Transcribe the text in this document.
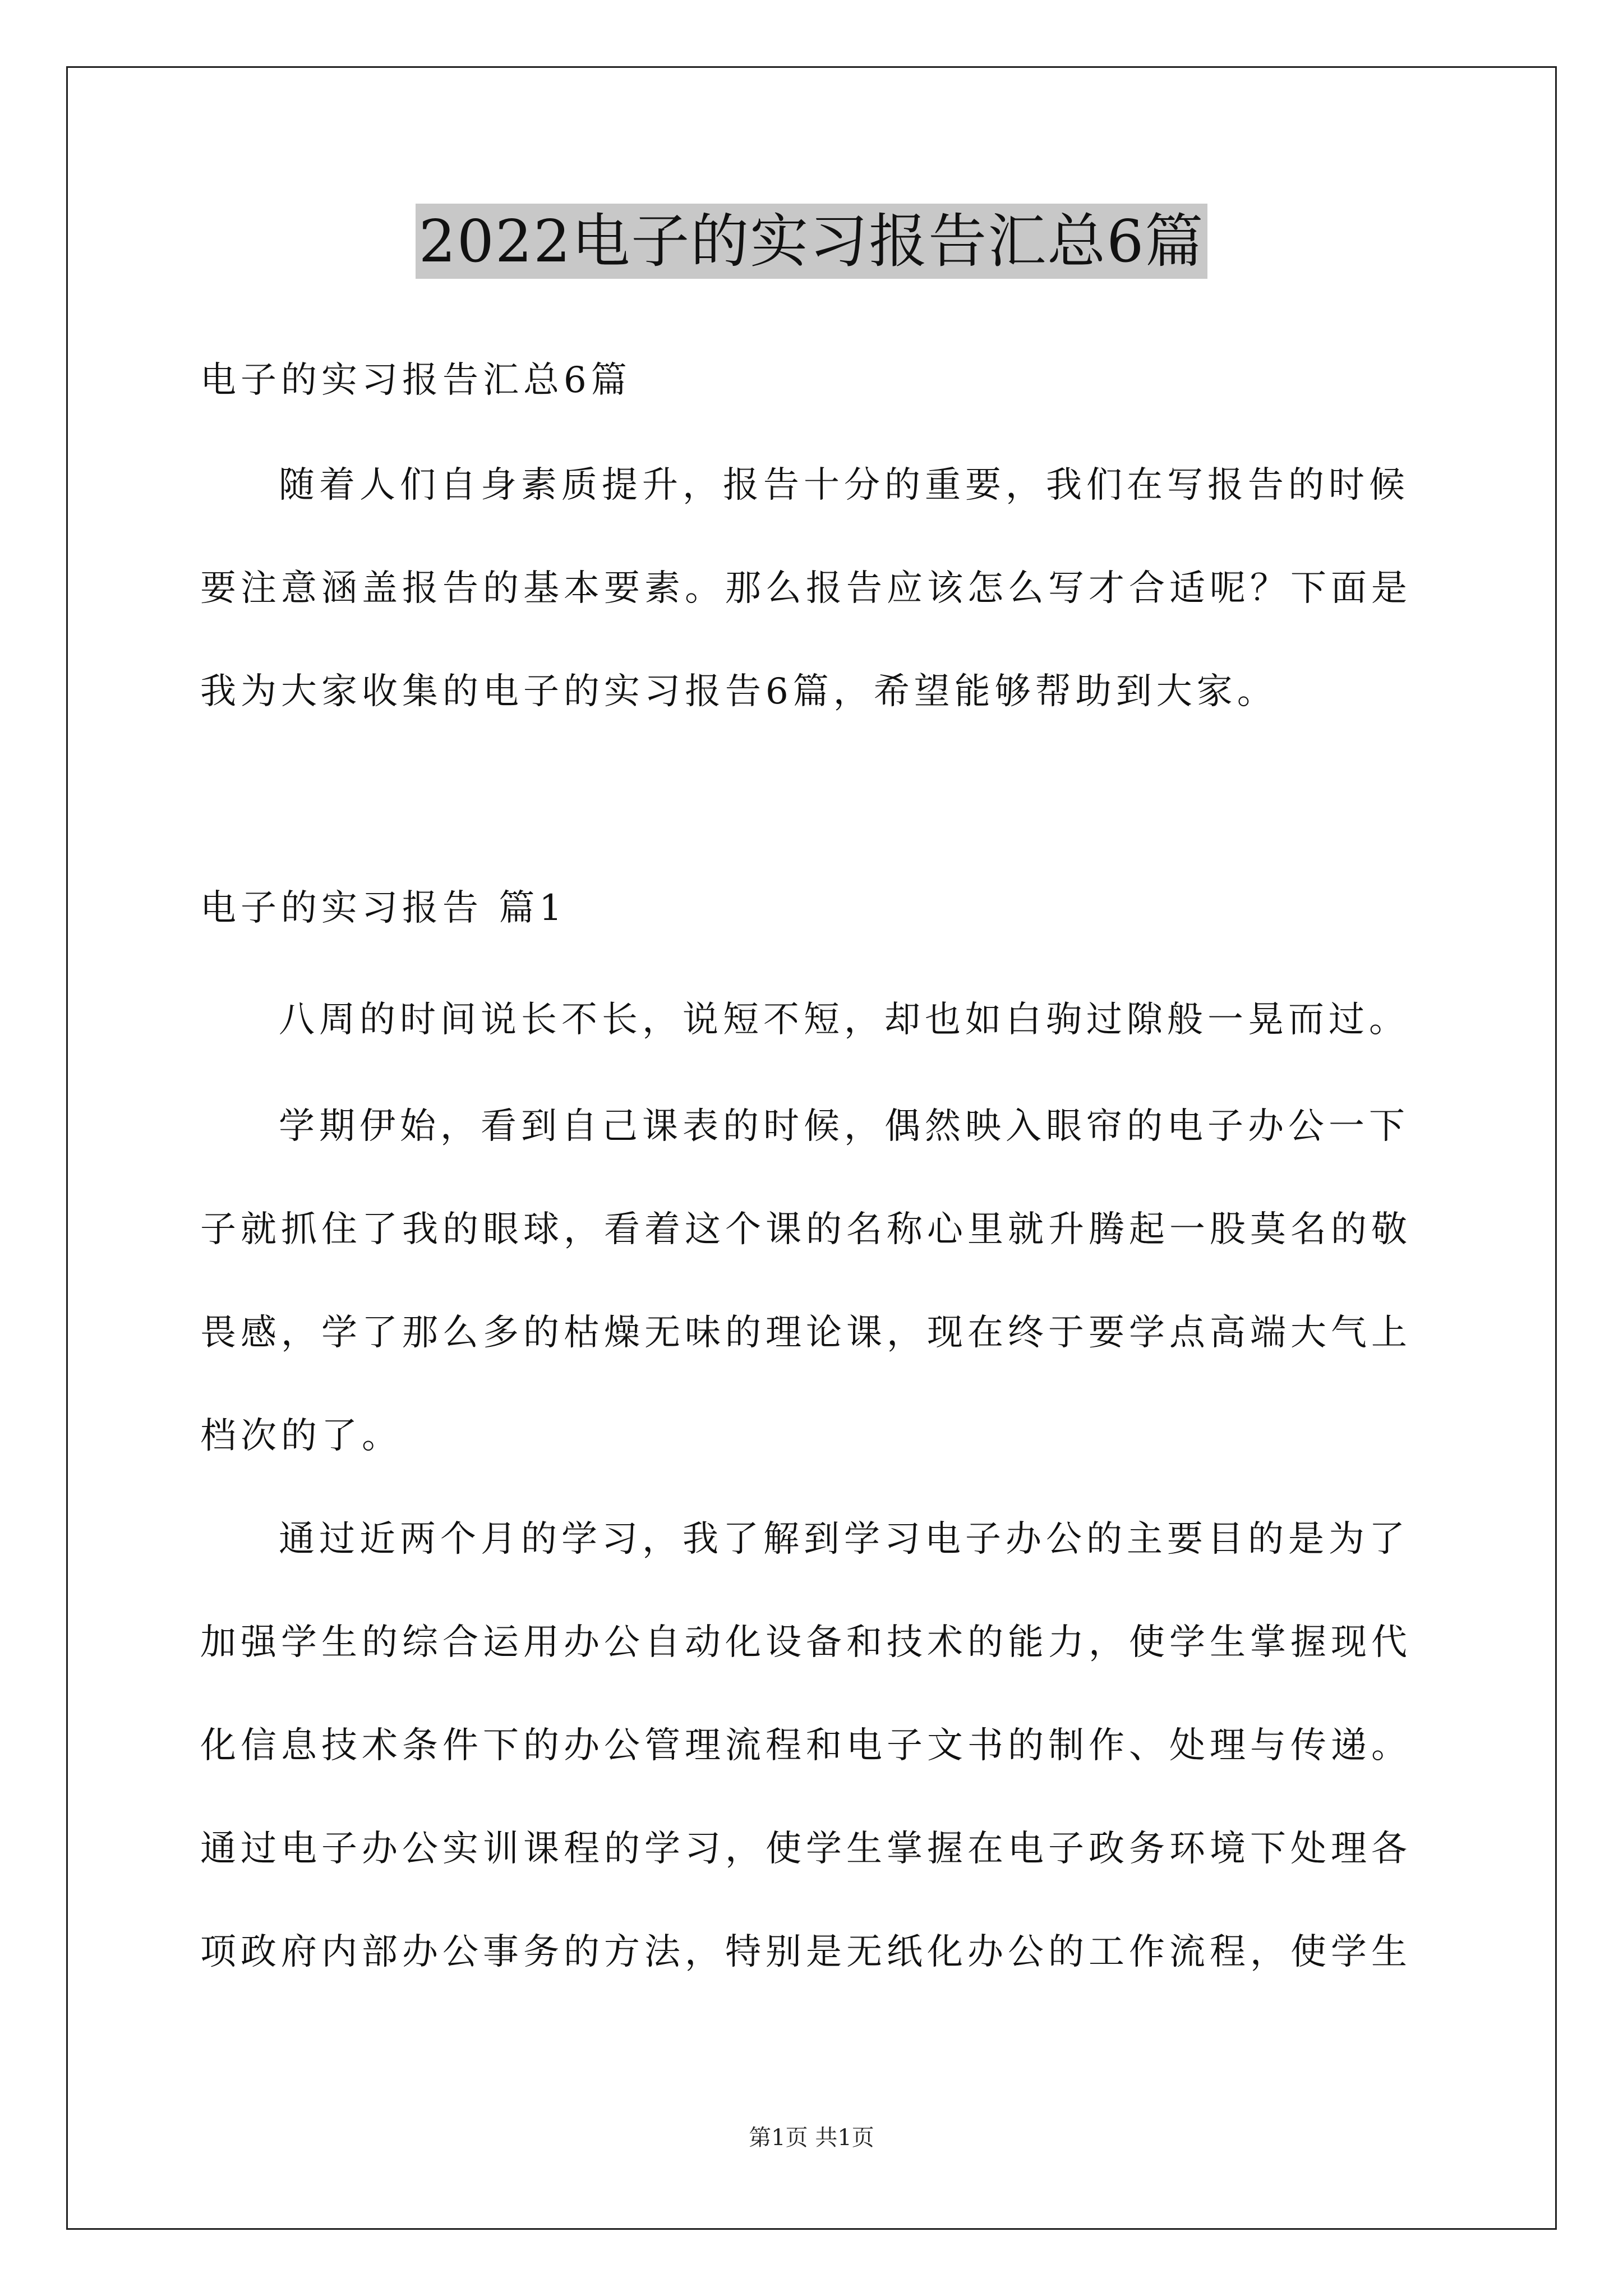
2022电子的实习报告汇总6篇
电子的实习报告汇总6篇
随着人们自身素质提升，报告十分的重要，我们在写报告的时候
要注意涵盖报告的基本要素。那么报告应该怎么写才合适呢？下面是
我为大家收集的电子的实习报告6篇，希望能够帮助到大家。
电子的实习报告 篇1
八周的时间说长不长，说短不短，却也如白驹过隙般一晃而过。
学期伊始，看到自己课表的时候，偶然映入眼帘的电子办公一下
子就抓住了我的眼球，看着这个课的名称心里就升腾起一股莫名的敬
畏感，学了那么多的枯燥无味的理论课，现在终于要学点高端大气上
档次的了。
通过近两个月的学习，我了解到学习电子办公的主要目的是为了
加强学生的综合运用办公自动化设备和技术的能力，使学生掌握现代
化信息技术条件下的办公管理流程和电子文书的制作、处理与传递。
通过电子办公实训课程的学习，使学生掌握在电子政务环境下处理各
项政府内部办公事务的方法，特别是无纸化办公的工作流程，使学生
第1页 共1页
